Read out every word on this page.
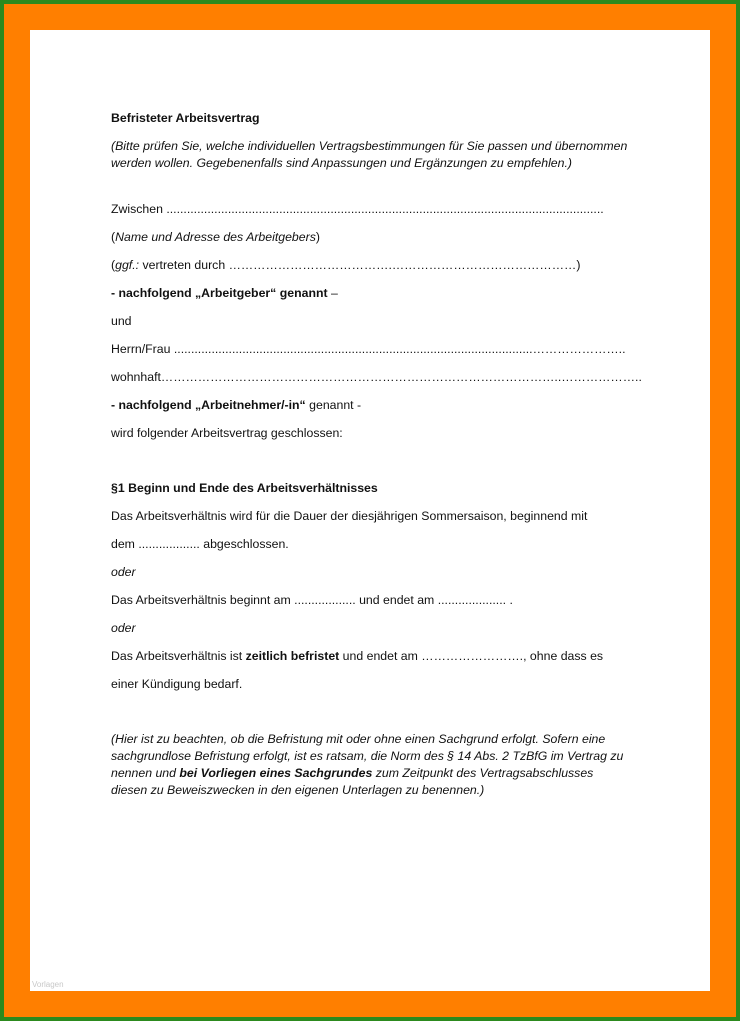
Befristeter Arbeitsvertrag
(Bitte prüfen Sie, welche individuellen Vertragsbestimmungen für Sie passen und übernommen werden wollen. Gegebenenfalls sind Anpassungen und Ergänzungen zu empfehlen.)
Zwischen ................................................................................................................................
(Name und Adresse des Arbeitgebers)
(ggf.: vertreten durch ………………………………….………………………………………)
- nachfolgend „Arbeitgeber“ genannt –
und
Herrn/Frau .........................................................................................................…………………..
wohnhaft……………………………………………………………………………………..………………..
- nachfolgend „Arbeitnehmer/-in“ genannt -
wird folgender Arbeitsvertrag geschlossen:
§1 Beginn und Ende des Arbeitsverhältnisses
Das Arbeitsverhältnis wird für die Dauer der diesjährigen Sommersaison, beginnend mit
dem .................. abgeschlossen.
oder
Das Arbeitsverhältnis beginnt am .................. und endet am .................... .
oder
Das Arbeitsverhältnis ist zeitlich befristet und endet am ……………………., ohne dass es
einer Kündigung bedarf.
(Hier ist zu beachten, ob die Befristung mit oder ohne einen Sachgrund erfolgt. Sofern eine sachgrundlose Befristung erfolgt, ist es ratsam, die Norm des § 14 Abs. 2 TzBfG im Vertrag zu nennen und bei Vorliegen eines Sachgrundes zum Zeitpunkt des Vertragsabschlusses diesen zu Beweiszwecken in den eigenen Unterlagen zu benennen.)
Vorlagen
